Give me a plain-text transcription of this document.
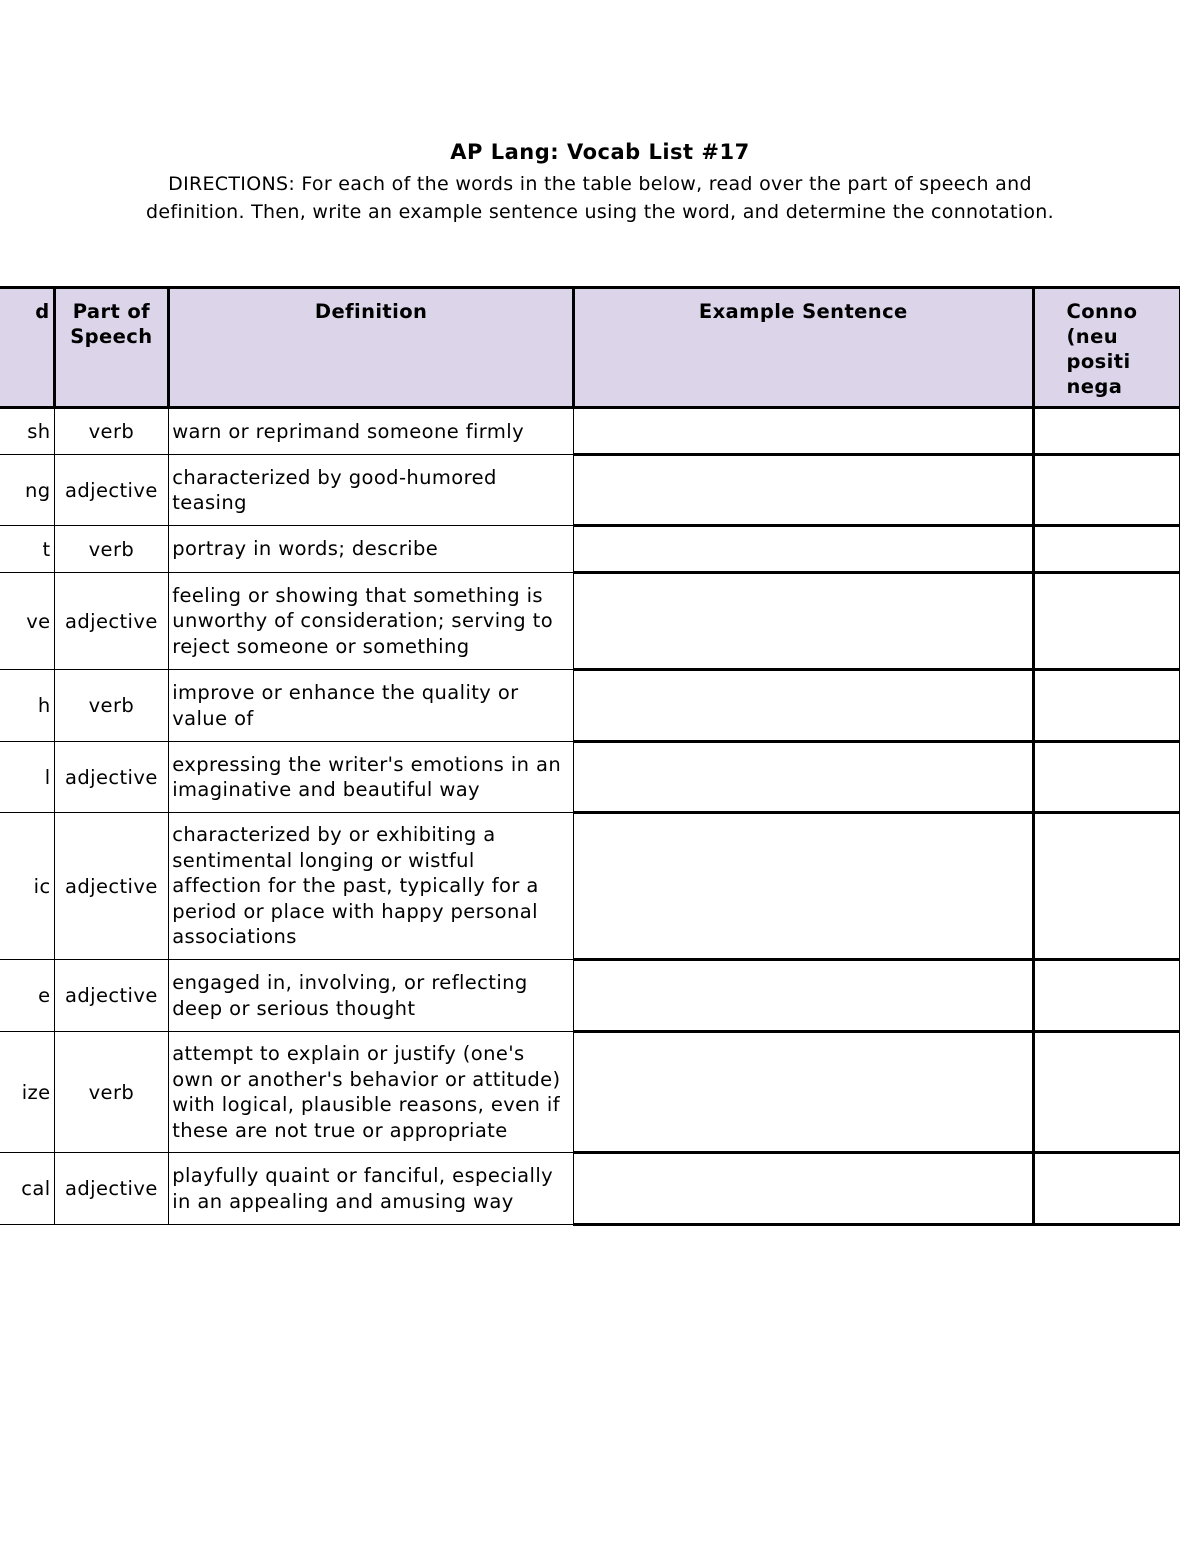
AP Lang: Vocab List #17
DIRECTIONS: For each of the words in the table below, read over the part of speech and definition. Then, write an example sentence using the word, and determine the connotation.
d	Part of Speech	Definition	Example Sentence	Conno (neu positi nega
sh	verb	warn or reprimand someone firmly		
ng	adjective	characterized by good-humored teasing		
t	verb	portray in words; describe		
ve	adjective	feeling or showing that something is unworthy of consideration; serving to reject someone or something		
h	verb	improve or enhance the quality or value of		
l	adjective	expressing the writer's emotions in an imaginative and beautiful way		
ic	adjective	characterized by or exhibiting a sentimental longing or wistful affection for the past, typically for a period or place with happy personal associations		
e	adjective	engaged in, involving, or reflecting deep or serious thought		
ize	verb	attempt to explain or justify (one's own or another's behavior or attitude) with logical, plausible reasons, even if these are not true or appropriate		
cal	adjective	playfully quaint or fanciful, especially in an appealing and amusing way		
